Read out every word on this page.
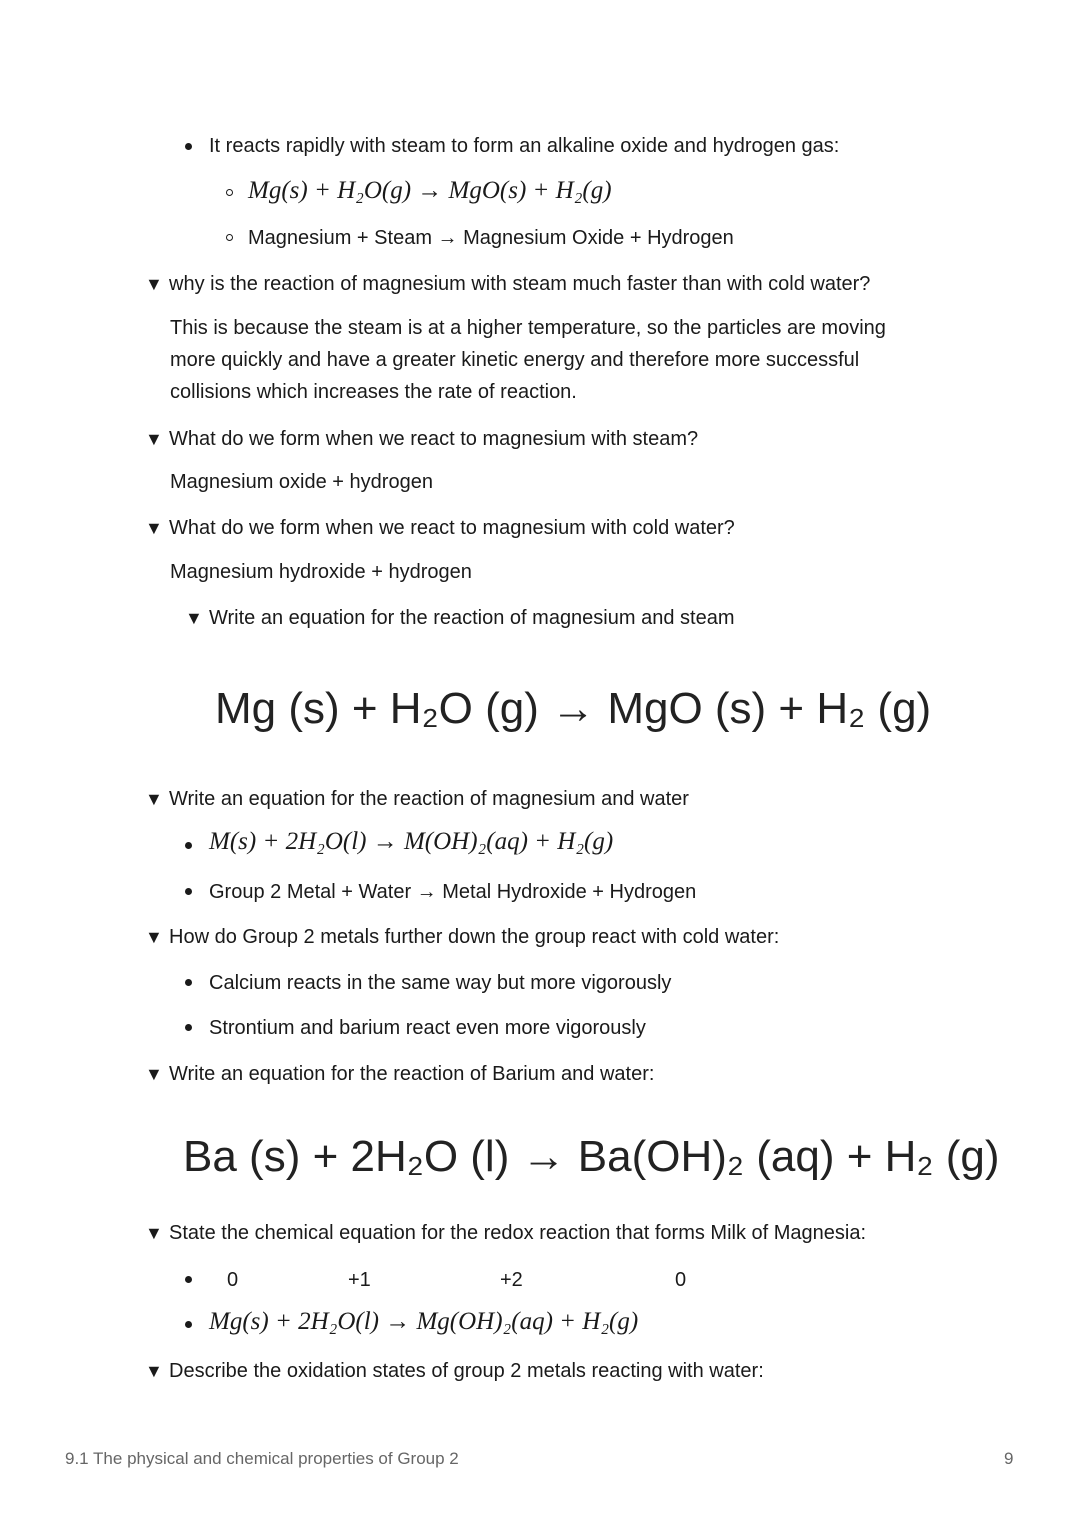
It reacts rapidly with steam to form an alkaline oxide and hydrogen gas:
Mg(s) + H₂O(g) → MgO(s) + H₂(g)
Magnesium + Steam → Magnesium Oxide + Hydrogen
▼ why is the reaction of magnesium with steam much faster than with cold water?
This is because the steam is at a higher temperature, so the particles are moving more quickly and have a greater kinetic energy and therefore more successful collisions which increases the rate of reaction.
▼ What do we form when we react to magnesium with steam?
Magnesium oxide + hydrogen
▼ What do we form when we react to magnesium with cold water?
Magnesium hydroxide + hydrogen
▼ Write an equation for the reaction of magnesium and steam
Mg (s) + H₂O (g) → MgO (s) + H₂ (g)
▼ Write an equation for the reaction of magnesium and water
M(s) + 2H₂O(l) → M(OH)₂(aq) + H₂(g)
Group 2 Metal + Water → Metal Hydroxide + Hydrogen
▼ How do Group 2 metals further down the group react with cold water:
Calcium reacts in the same way but more vigorously
Strontium and barium react even more vigorously
▼ Write an equation for the reaction of Barium and water:
Ba (s) + 2H₂O (l) → Ba(OH)₂ (aq) + H₂ (g)
▼ State the chemical equation for the redox reaction that forms Milk of Magnesia:
0	+1	+2	0
Mg(s) + 2H₂O(l) → Mg(OH)₂(aq) + H₂(g)
▼ Describe the oxidation states of group 2 metals reacting with water:
9.1 The physical and chemical properties of Group 2	9
